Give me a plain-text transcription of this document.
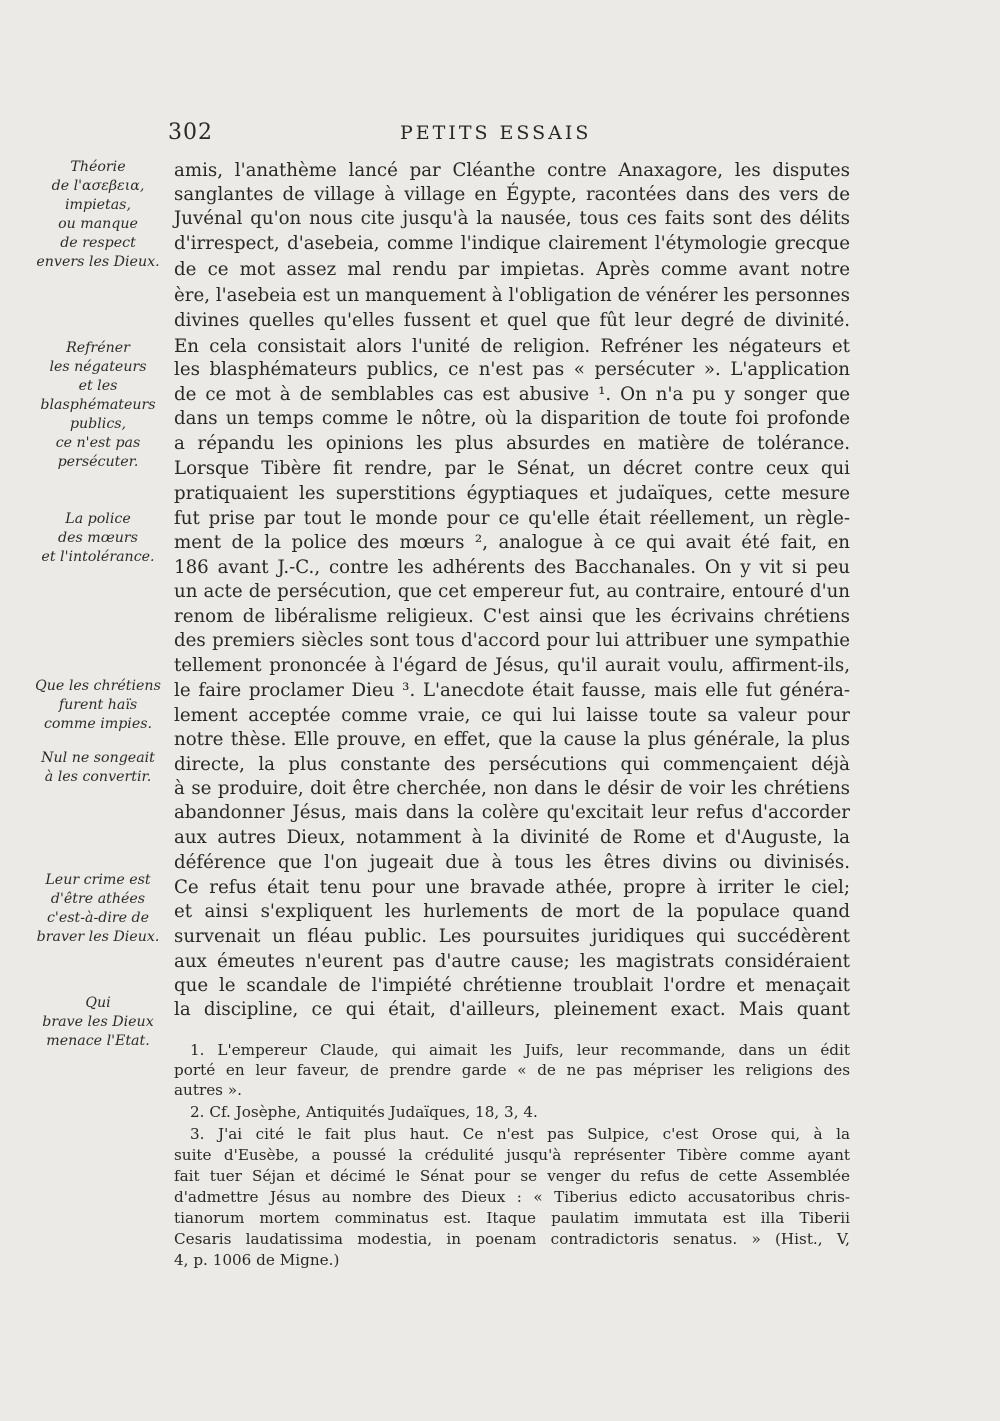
302	PETITS ESSAIS
Théorie
de l'ασεβεια,
impietas,
ou manque
de respect
envers les Dieux.
Refréner
les négateurs
et les
blasphémateurs
publics,
ce n'est pas
persécuter.
La police
des mœurs
et l'intolérance.
Que les chrétiens
furent haïs
comme impies.
Nul ne songeait
à les convertir.
Leur crime est
d'être athées
c'est-à-dire de
braver les Dieux.
Qui
brave les Dieux
menace l'Etat.
amis, l'anathème lancé par Cléanthe contre Anaxagore, les disputes
sanglantes de village à village en Égypte, racontées dans des vers de
Juvénal qu'on nous cite jusqu'à la nausée, tous ces faits sont des délits
d'irrespect, d'asebeia, comme l'indique clairement l'étymologie grecque
de ce mot assez mal rendu par impietas. Après comme avant notre
ère, l'asebeia est un manquement à l'obligation de vénérer les personnes
divines quelles qu'elles fussent et quel que fût leur degré de divinité.
En cela consistait alors l'unité de religion. Refréner les négateurs et
les blasphémateurs publics, ce n'est pas « persécuter ». L'application
de ce mot à de semblables cas est abusive ¹. On n'a pu y songer que
dans un temps comme le nôtre, où la disparition de toute foi profonde
a répandu les opinions les plus absurdes en matière de tolérance.
Lorsque Tibère fit rendre, par le Sénat, un décret contre ceux qui
pratiquaient les superstitions égyptiaques et judaïques, cette mesure
fut prise par tout le monde pour ce qu'elle était réellement, un règle-
ment de la police des mœurs ², analogue à ce qui avait été fait, en
186 avant J.-C., contre les adhérents des Bacchanales. On y vit si peu
un acte de persécution, que cet empereur fut, au contraire, entouré d'un
renom de libéralisme religieux. C'est ainsi que les écrivains chrétiens
des premiers siècles sont tous d'accord pour lui attribuer une sympathie
tellement prononcée à l'égard de Jésus, qu'il aurait voulu, affirment-ils,
le faire proclamer Dieu ³. L'anecdote était fausse, mais elle fut généra-
lement acceptée comme vraie, ce qui lui laisse toute sa valeur pour
notre thèse. Elle prouve, en effet, que la cause la plus générale, la plus
directe, la plus constante des persécutions qui commençaient déjà
à se produire, doit être cherchée, non dans le désir de voir les chrétiens
abandonner Jésus, mais dans la colère qu'excitait leur refus d'accorder
aux autres Dieux, notamment à la divinité de Rome et d'Auguste, la
déférence que l'on jugeait due à tous les êtres divins ou divinisés.
Ce refus était tenu pour une bravade athée, propre à irriter le ciel;
et ainsi s'expliquent les hurlements de mort de la populace quand
survenait un fléau public. Les poursuites juridiques qui succédèrent
aux émeutes n'eurent pas d'autre cause; les magistrats considéraient
que le scandale de l'impiété chrétienne troublait l'ordre et menaçait
la discipline, ce qui était, d'ailleurs, pleinement exact. Mais quant
1. L'empereur Claude, qui aimait les Juifs, leur recommande, dans un édit
porté en leur faveur, de prendre garde « de ne pas mépriser les religions des
autres ».
2. Cf. Josèphe, Antiquités Judaïques, 18, 3, 4.
3. J'ai cité le fait plus haut. Ce n'est pas Sulpice, c'est Orose qui, à la
suite d'Eusèbe, a poussé la crédulité jusqu'à représenter Tibère comme ayant
fait tuer Séjan et décimé le Sénat pour se venger du refus de cette Assemblée
d'admettre Jésus au nombre des Dieux : « Tiberius edicto accusatoribus chris-
tianorum mortem comminatus est. Itaque paulatim immutata est illa Tiberii
Cesaris laudatissima modestia, in poenam contradictoris senatus. » (Hist., V,
4, p. 1006 de Migne.)
